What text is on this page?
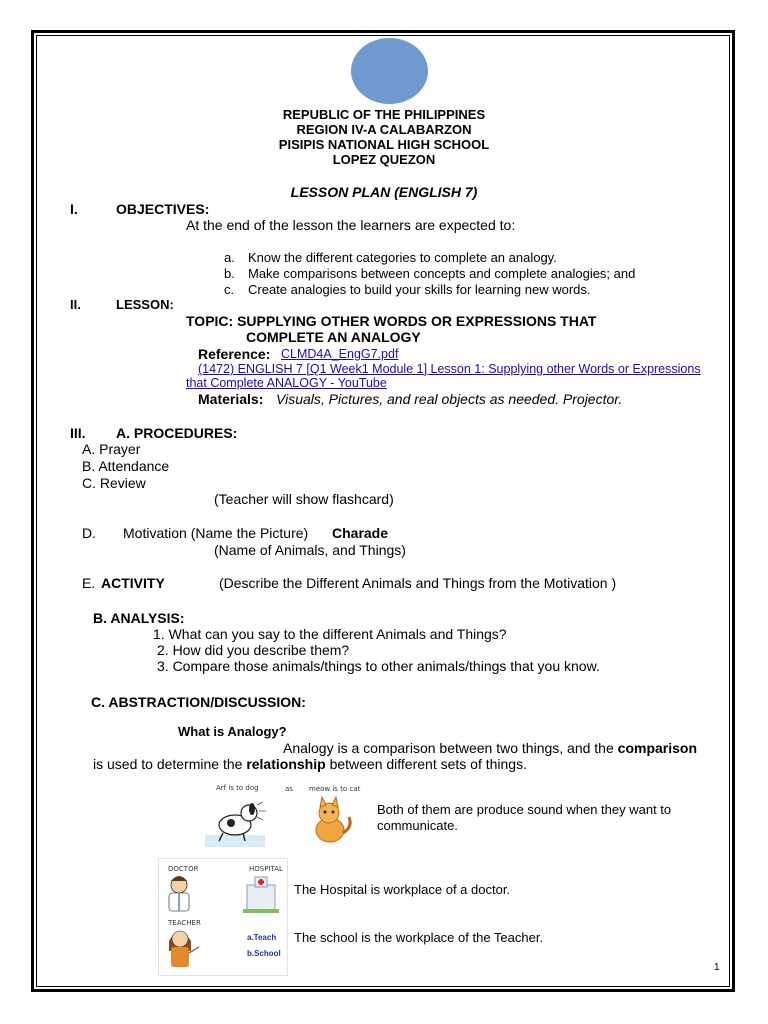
REPUBLIC OF THE PHILIPPINES
REGION IV-A CALABARZON
PISIPIS NATIONAL HIGH SCHOOL
LOPEZ QUEZON
LESSON PLAN (ENGLISH 7)
I.	OBJECTIVES:
At the end of the lesson the learners are expected to:
a. Know the different categories to complete an analogy.
b. Make comparisons between concepts and complete analogies; and
c. Create analogies to build your skills for learning new words.
II.	LESSON:
TOPIC: SUPPLYING OTHER WORDS OR EXPRESSIONS THAT
COMPLETE AN ANALOGY
Reference: CLMD4A_EngG7.pdf
(1472) ENGLISH 7 [Q1 Week1 Module 1] Lesson 1: Supplying other Words or Expressions
that Complete ANALOGY - YouTube
Materials: Visuals, Pictures, and real objects as needed. Projector.
III. A. PROCEDURES:
A. Prayer
B. Attendance
C. Review
(Teacher will show flashcard)
D. Motivation (Name the Picture) Charade
(Name of Animals, and Things)
E. ACTIVITY	(Describe the Different Animals and Things from the Motivation )
B. ANALYSIS:
1. What can you say to the different Animals and Things?
2. How did you describe them?
3. Compare those animals/things to other animals/things that you know.
C. ABSTRACTION/DISCUSSION:
What is Analogy?
Analogy is a comparison between two things, and the comparison
is used to determine the relationship between different sets of things.
Arf is to dog	as meow is to cat
Both of them are produce sound when they want to
communicate.
DOCTOR	HOSPITAL
TEACHER
a.Teach
b.School
The Hospital is workplace of a doctor.
The school is the workplace of the Teacher.
1
